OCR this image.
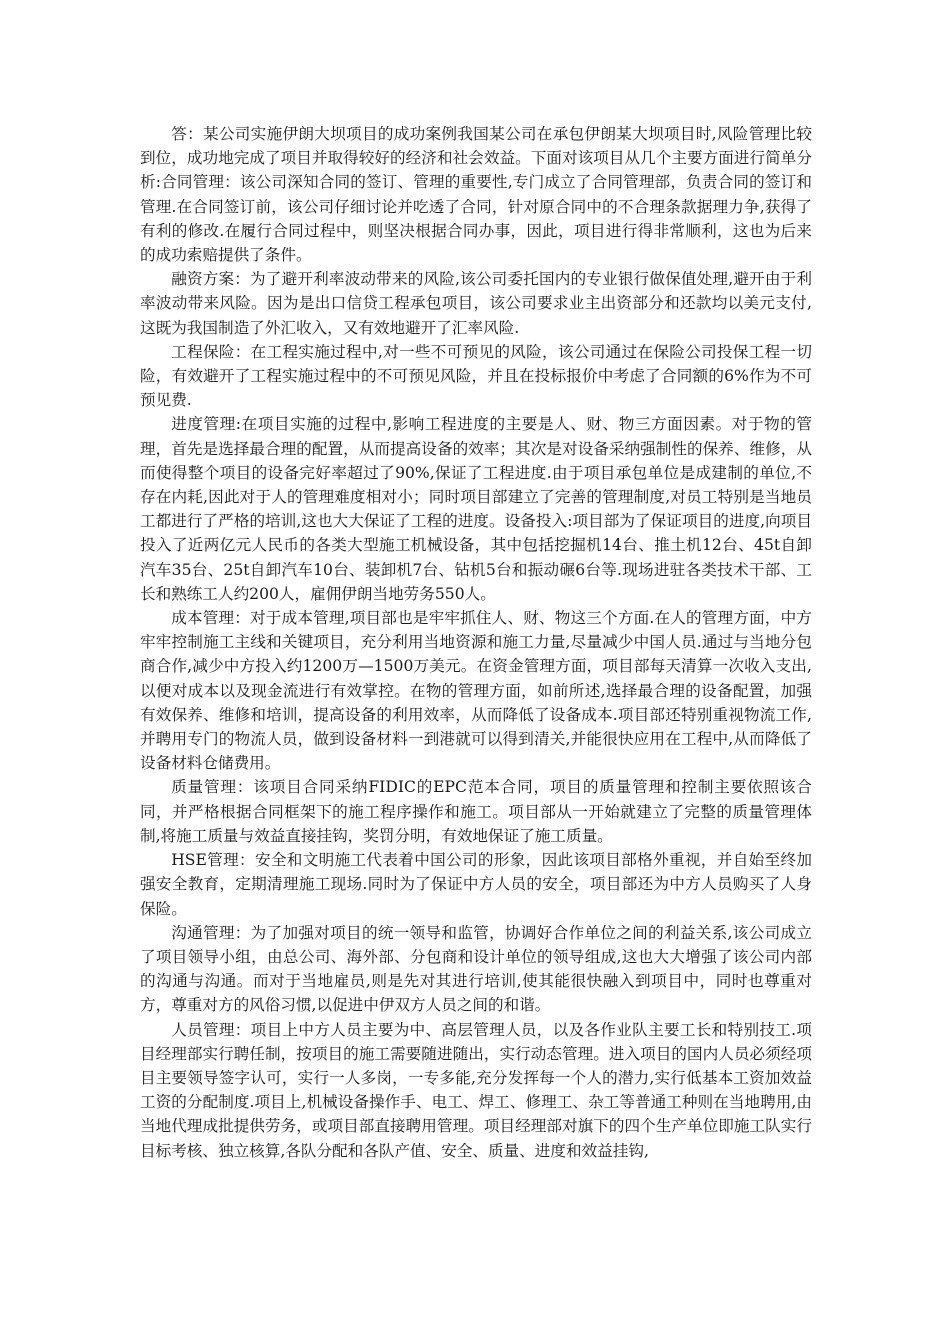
答：某公司实施伊朗大坝项目的成功案例我国某公司在承包伊朗某大坝项目时,风险管理比较到位，成功地完成了项目并取得较好的经济和社会效益。下面对该项目从几个主要方面进行简单分析:合同管理：该公司深知合同的签订、管理的重要性,专门成立了合同管理部，负责合同的签订和管理.在合同签订前，该公司仔细讨论并吃透了合同，针对原合同中的不合理条款据理力争,获得了有利的修改.在履行合同过程中，则坚决根据合同办事，因此，项目进行得非常顺利，这也为后来的成功索赔提供了条件。

融资方案：为了避开利率波动带来的风险,该公司委托国内的专业银行做保值处理,避开由于利率波动带来风险。因为是出口信贷工程承包项目，该公司要求业主出资部分和还款均以美元支付,这既为我国制造了外汇收入，又有效地避开了汇率风险.

工程保险：在工程实施过程中,对一些不可预见的风险，该公司通过在保险公司投保工程一切险，有效避开了工程实施过程中的不可预见风险，并且在投标报价中考虑了合同额的6%作为不可预见费.

进度管理:在项目实施的过程中,影响工程进度的主要是人、财、物三方面因素。对于物的管理，首先是选择最合理的配置，从而提高设备的效率；其次是对设备采纳强制性的保养、维修，从而使得整个项目的设备完好率超过了90%,保证了工程进度.由于项目承包单位是成建制的单位,不存在内耗,因此对于人的管理难度相对小；同时项目部建立了完善的管理制度,对员工特别是当地员工都进行了严格的培训,这也大大保证了工程的进度。设备投入:项目部为了保证项目的进度,向项目投入了近两亿元人民币的各类大型施工机械设备，其中包括挖掘机14台、推土机12台、45t自卸汽车35台、25t自卸汽车10台、装卸机7台、钻机5台和振动碾6台等.现场进驻各类技术干部、工长和熟练工人约200人，雇佣伊朗当地劳务550人。

成本管理：对于成本管理,项目部也是牢牢抓住人、财、物这三个方面.在人的管理方面，中方牢牢控制施工主线和关键项目，充分利用当地资源和施工力量,尽量减少中国人员.通过与当地分包商合作,减少中方投入约1200万—1500万美元。在资金管理方面，项目部每天清算一次收入支出,以便对成本以及现金流进行有效掌控。在物的管理方面，如前所述,选择最合理的设备配置，加强有效保养、维修和培训，提高设备的利用效率，从而降低了设备成本.项目部还特别重视物流工作,并聘用专门的物流人员，做到设备材料一到港就可以得到清关,并能很快应用在工程中,从而降低了设备材料仓储费用。

质量管理：该项目合同采纳FIDIC的EPC范本合同，项目的质量管理和控制主要依照该合同，并严格根据合同框架下的施工程序操作和施工。项目部从一开始就建立了完整的质量管理体制,将施工质量与效益直接挂钩，奖罚分明，有效地保证了施工质量。

HSE管理：安全和文明施工代表着中国公司的形象，因此该项目部格外重视，并自始至终加强安全教育，定期清理施工现场.同时为了保证中方人员的安全，项目部还为中方人员购买了人身保险。

沟通管理：为了加强对项目的统一领导和监管，协调好合作单位之间的利益关系,该公司成立了项目领导小组，由总公司、海外部、分包商和设计单位的领导组成,这也大大增强了该公司内部的沟通与沟通。而对于当地雇员,则是先对其进行培训,使其能很快融入到项目中，同时也尊重对方，尊重对方的风俗习惯,以促进中伊双方人员之间的和谐。

人员管理：项目上中方人员主要为中、高层管理人员，以及各作业队主要工长和特别技工.项目经理部实行聘任制，按项目的施工需要随进随出，实行动态管理。进入项目的国内人员必须经项目主要领导签字认可，实行一人多岗，一专多能,充分发挥每一个人的潜力,实行低基本工资加效益工资的分配制度.项目上,机械设备操作手、电工、焊工、修理工、杂工等普通工种则在当地聘用,由当地代理成批提供劳务，或项目部直接聘用管理。项目经理部对旗下的四个生产单位即施工队实行目标考核、独立核算,各队分配和各队产值、安全、质量、进度和效益挂钩,
